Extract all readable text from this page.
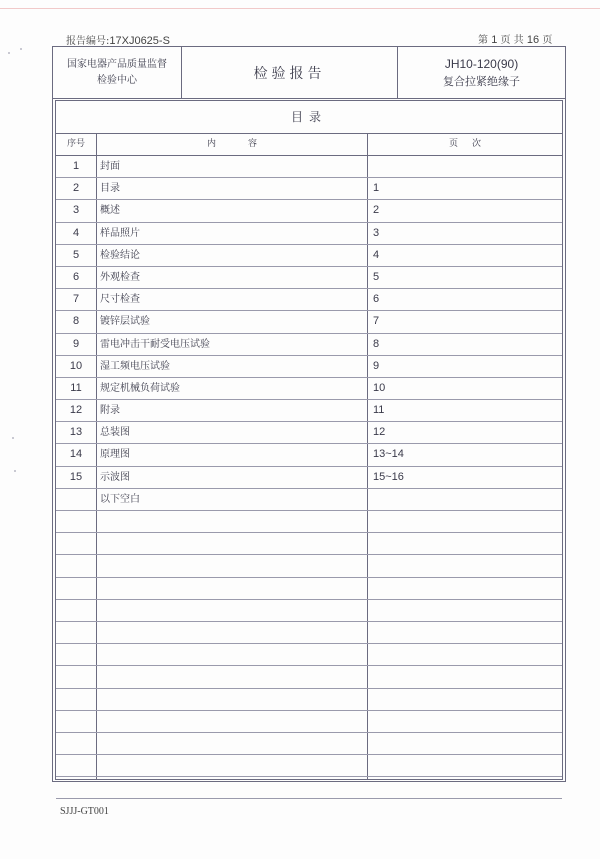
报告编号:17XJ0625-S	第 1 页 共 16 页
国家电器产品质量监督
检验中心	检验报告
JH10-120(90)
复合拉紧绝缘子
目录
序号	内容	页次
1	封面
2	目录	1
3	概述	2
4	样品照片	3
5	检验结论	4
6	外观检查	5
7	尺寸检查	6
8	镀锌层试验	7
9	雷电冲击干耐受电压试验	8
10	湿工频电压试验	9
11	规定机械负荷试验	10
12	附录	11
13	总装图	12
14	原理图	13~14
15	示波图	15~16
以下空白
SJJJ-GT001
